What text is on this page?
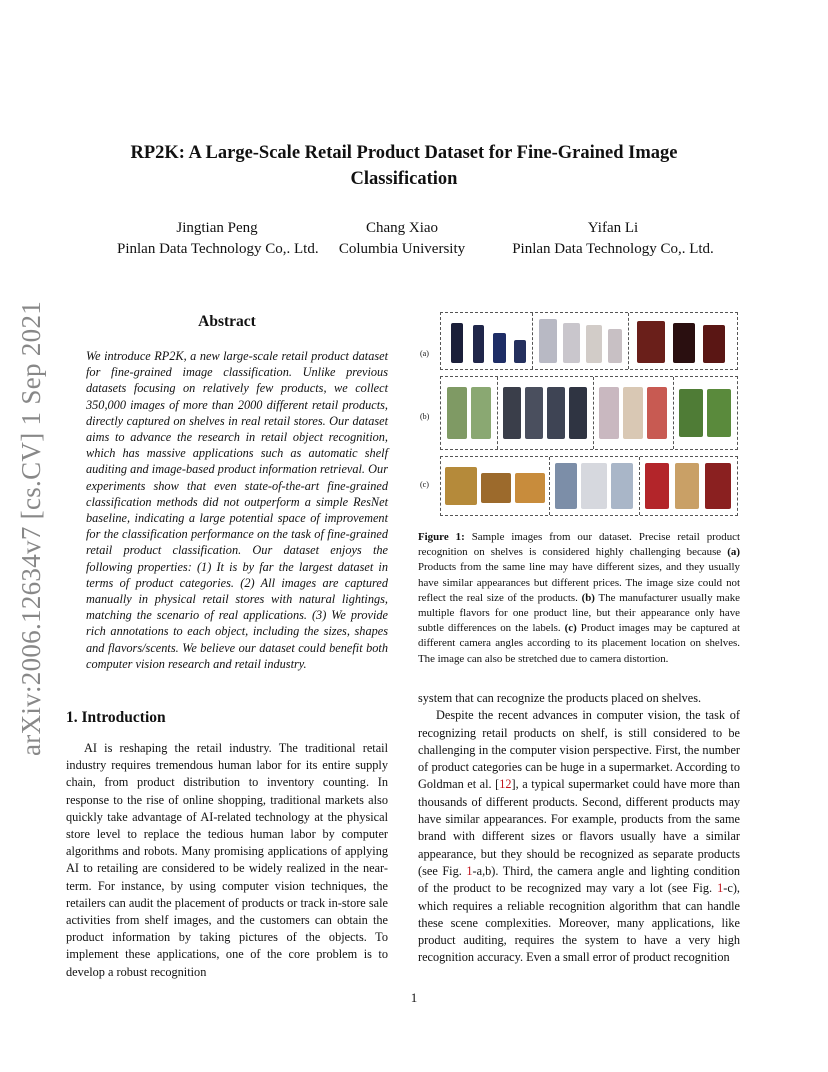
arXiv:2006.12634v7 [cs.CV] 1 Sep 2021
RP2K: A Large-Scale Retail Product Dataset for Fine-Grained Image
Classification
Jingtian Peng
Pinlan Data Technology Co,. Ltd.
Chang Xiao
Columbia University
Yifan Li
Pinlan Data Technology Co,. Ltd.
Abstract

We introduce RP2K, a new large-scale retail product dataset for fine-grained image classification. Unlike previous datasets focusing on relatively few products, we collect 350,000 images of more than 2000 different retail products, directly captured on shelves in real retail stores. Our dataset aims to advance the research in retail object recognition, which has massive applications such as automatic shelf auditing and image-based product information retrieval. Our experiments show that even state-of-the-art fine-grained classification methods did not outperform a simple ResNet baseline, indicating a large potential space of improvement for the classification performance on the task of fine-grained retail product classification. Our dataset enjoys the following properties: (1) It is by far the largest dataset in terms of product categories. (2) All images are captured manually in physical retail stores with natural lightings, matching the scenario of real applications. (3) We provide rich annotations to each object, including the sizes, shapes and flavors/scents. We believe our dataset could benefit both computer vision research and retail industry.

1. Introduction

AI is reshaping the retail industry. The traditional retail industry requires tremendous human labor for its entire supply chain, from product distribution to inventory counting. In response to the rise of online shopping, traditional markets also quickly take advantage of AI-related technology at the physical store level to replace the tedious human labor by computer algorithms and robots. Many promising applications of applying AI to retailing are considered to be widely realized in the near-term. For instance, by using computer vision techniques, the retailers can audit the placement of products or track in-store sale activities from shelf images, and the customers can obtain the product information by taking pictures of the objects. To implement these applications, one of the core problem is to develop a robust recognition

(a)
(b)
(c)
Figure 1: Sample images from our dataset. Precise retail product recognition on shelves is considered highly challenging because (a) Products from the same line may have different sizes, and they usually have similar appearances but different prices. The image size could not reflect the real size of the products. (b) The manufacturer usually make multiple flavors for one product line, but their appearance only have subtle differences on the labels. (c) Product images may be captured at different camera angles according to its placement location on shelves. The image can also be stretched due to camera distortion.

system that can recognize the products placed on shelves.

Despite the recent advances in computer vision, the task of recognizing retail products on shelf, is still considered to be challenging in the computer vision perspective. First, the number of product categories can be huge in a supermarket. According to Goldman et al. [12], a typical supermarket could have more than thousands of different products. Second, different products may have similar appearances. For example, products from the same brand with different sizes or flavors usually have a similar appearance, but they should be recognized as separate products (see Fig. 1-a,b). Third, the camera angle and lighting condition of the product to be recognized may vary a lot (see Fig. 1-c), which requires a reliable recognition algorithm that can handle these scene complexities. Moreover, many applications, like product auditing, requires the system to have a very high recognition accuracy. Even a small error of product recognition

1
